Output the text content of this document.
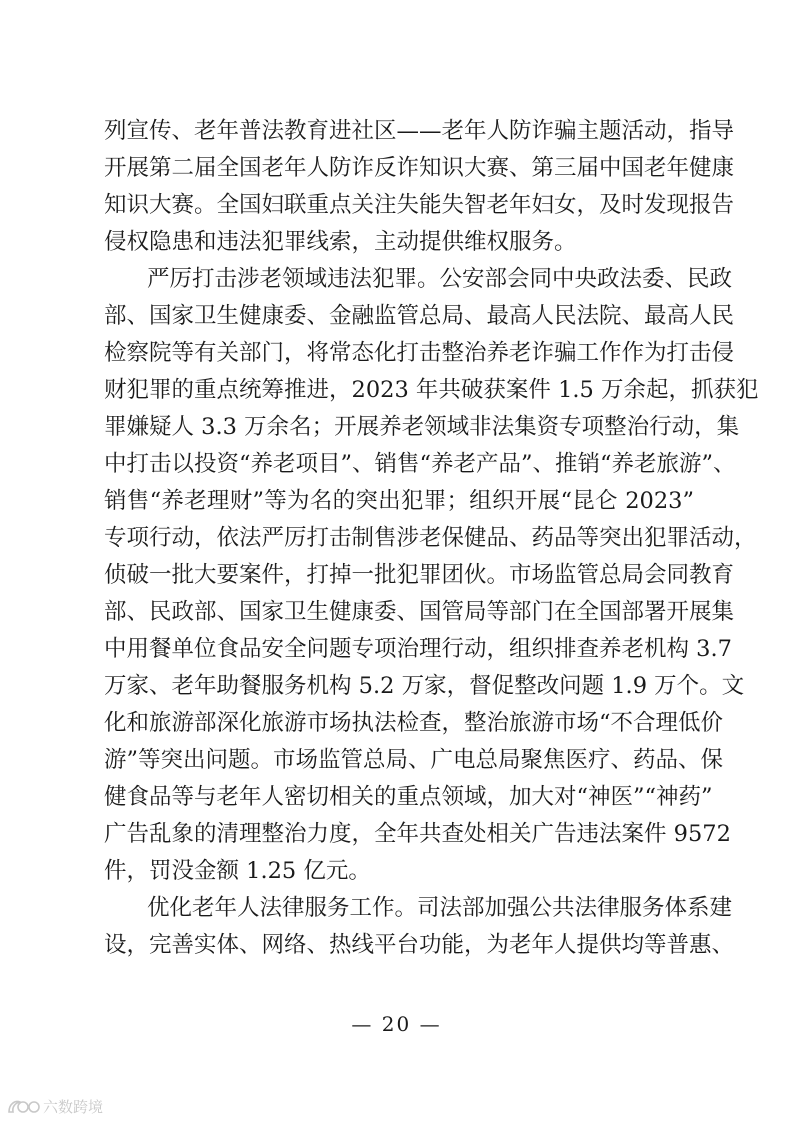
列宣传、老年普法教育进社区——老年人防诈骗主题活动，指导
开展第二届全国老年人防诈反诈知识大赛、第三届中国老年健康
知识大赛。全国妇联重点关注失能失智老年妇女，及时发现报告
侵权隐患和违法犯罪线索，主动提供维权服务。
严厉打击涉老领域违法犯罪。公安部会同中央政法委、民政
部、国家卫生健康委、金融监管总局、最高人民法院、最高人民
检察院等有关部门，将常态化打击整治养老诈骗工作作为打击侵
财犯罪的重点统筹推进，2023 年共破获案件 1.5 万余起，抓获犯
罪嫌疑人 3.3 万余名；开展养老领域非法集资专项整治行动，集
中打击以投资“养老项目”、销售“养老产品”、推销“养老旅游”、
销售“养老理财”等为名的突出犯罪；组织开展“昆仑 2023”
专项行动，依法严厉打击制售涉老保健品、药品等突出犯罪活动，
侦破一批大要案件，打掉一批犯罪团伙。市场监管总局会同教育
部、民政部、国家卫生健康委、国管局等部门在全国部署开展集
中用餐单位食品安全问题专项治理行动，组织排查养老机构 3.7
万家、老年助餐服务机构 5.2 万家，督促整改问题 1.9 万个。文
化和旅游部深化旅游市场执法检查，整治旅游市场“不合理低价
游”等突出问题。市场监管总局、广电总局聚焦医疗、药品、保
健食品等与老年人密切相关的重点领域，加大对“神医”“神药”
广告乱象的清理整治力度，全年共查处相关广告违法案件 9572
件，罚没金额 1.25 亿元。
优化老年人法律服务工作。司法部加强公共法律服务体系建
设，完善实体、网络、热线平台功能，为老年人提供均等普惠、
— 20 —
六数跨境
